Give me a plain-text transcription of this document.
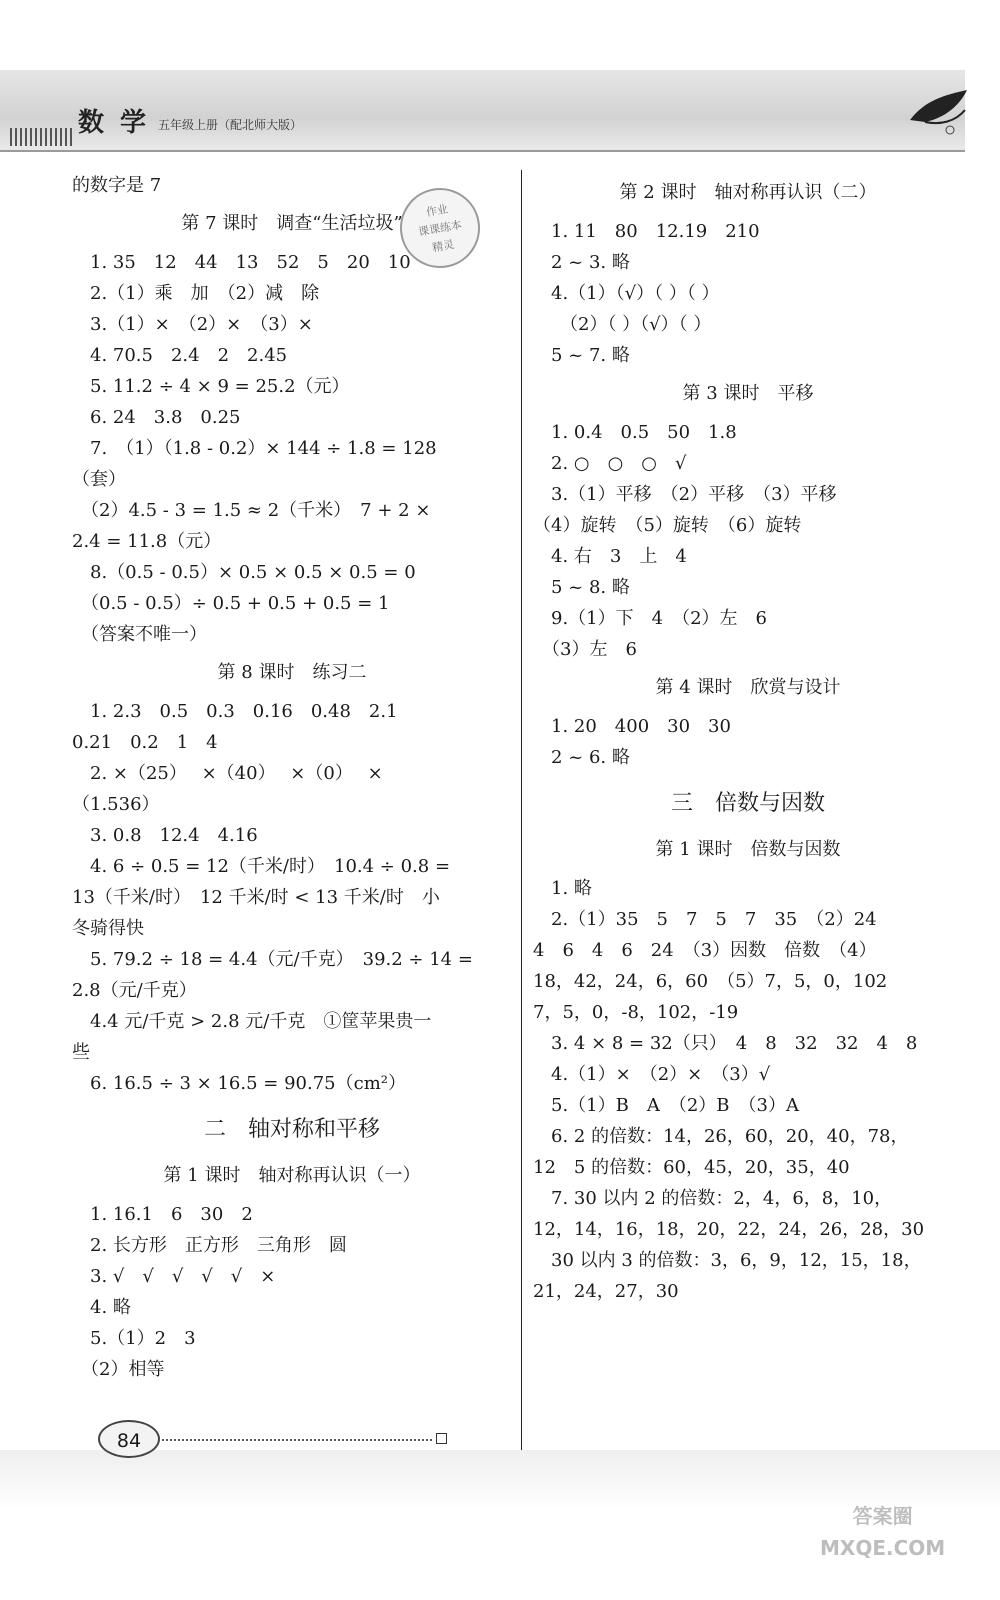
数学
五年级上册（配北师大版）
作业
课课练本
精灵
的数字是 7
第 7 课时　调查“生活垃圾”
　1. 35　12　44　13　52　5　20　10
　2.（1）乘　加　（2）减　除
　3.（1）×　（2）×　（3）×
　4. 70.5　2.4　2　2.45
　5. 11.2 ÷ 4 × 9 = 25.2（元）
　6. 24　3.8　0.25
　7.　（1）（1.8 - 0.2）× 144 ÷ 1.8 = 128
（套）
　（2）4.5 - 3 = 1.5 ≈ 2（千米）　7 + 2 ×
2.4 = 11.8（元）
　8.（0.5 - 0.5）× 0.5 × 0.5 × 0.5 = 0
　（0.5 - 0.5）÷ 0.5 + 0.5 + 0.5 = 1
　（答案不唯一）
第 8 课时　练习二
　1. 2.3　0.5　0.3　0.16　0.48　2.1
0.21　0.2　1　4
　2. ×（25）　 ×（40）　 ×（0）　 ×
（1.536）
　3. 0.8　12.4　4.16
　4. 6 ÷ 0.5 = 12（千米/时）　10.4 ÷ 0.8 =
13（千米/时）　12 千米/时 < 13 千米/时　小
冬骑得快
　5. 79.2 ÷ 18 = 4.4（元/千克）　39.2 ÷ 14 =
2.8（元/千克）
　4.4 元/千克 > 2.8 元/千克　①筐苹果贵一
些
　6. 16.5 ÷ 3 × 16.5 = 90.75（cm²）
二　轴对称和平移
第 1 课时　轴对称再认识（一）
　1. 16.1　6　30　2
　2. 长方形　正方形　三角形　圆
　3. √　√　√　√　√　×
　4. 略
　5.（1）2　3
　（2）相等
第 2 课时　轴对称再认识（二）
　1. 11　80　12.19　210
　2 ~ 3. 略
　4.（1）（√）（ ）（ ）
　　（2）（ ）（√）（ ）
　5 ~ 7. 略
第 3 课时　平移
　1. 0.4　0.5　50　1.8
　2. ○　○　○　√
　3.（1）平移　（2）平移　（3）平移
（4）旋转　（5）旋转　（6）旋转
　4. 右　3　上　4
　5 ~ 8. 略
　9.（1）下　4　（2）左　6
　（3）左　6
第 4 课时　欣赏与设计
　1. 20　400　30　30
　2 ~ 6. 略
三　倍数与因数
第 1 课时　倍数与因数
　1. 略
　2.（1）35　5　7　5　7　35　（2）24
4　6　4　6　24　（3）因数　倍数　（4）
18，42，24，6，60　（5）7，5，0，102
7，5，0，-8，102，-19
　3. 4 × 8 = 32（只）　4　8　32　32　4　8
　4.（1）×　（2）×　（3）√
　5.（1）B　A　（2）B　（3）A
　6. 2 的倍数：14，26，60，20，40，78，
12　5 的倍数：60，45，20，35，40
　7. 30 以内 2 的倍数：2，4，6，8，10，
12，14，16，18，20，22，24，26，28，30
　30 以内 3 的倍数：3，6，9，12，15，18，
21，24，27，30
84
答案圈
MXQE.COM
